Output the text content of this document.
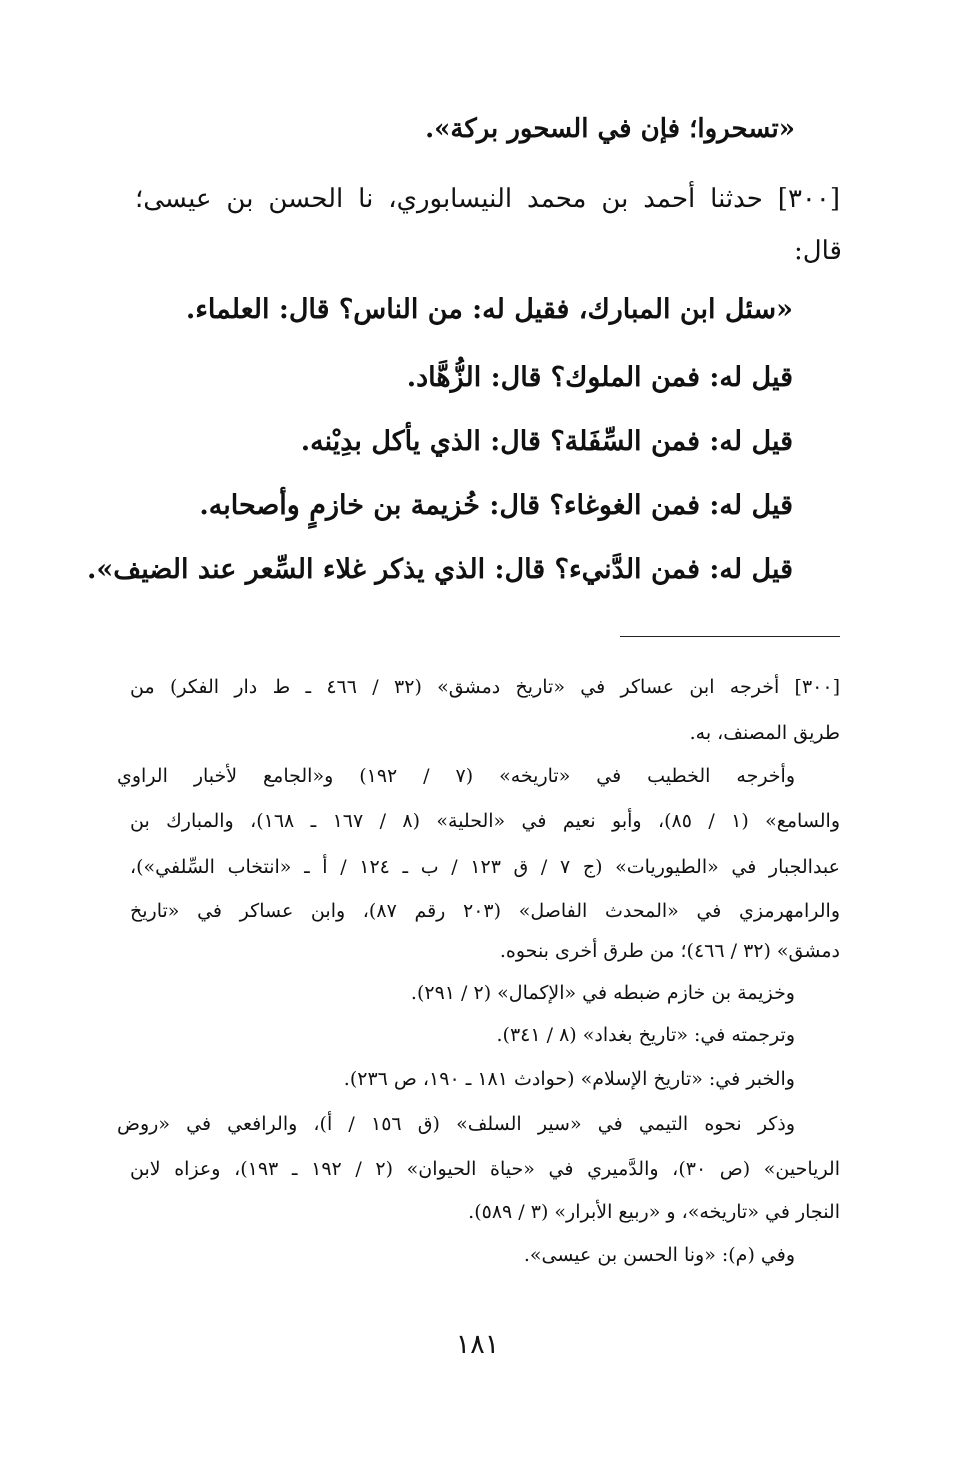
«تسحروا؛ فإن في السحور بركة».
[٣٠٠] حدثنا أحمد بن محمد النيسابوري، نا الحسن بن عيسى؛
قال:
«سئل ابن المبارك، فقيل له: من الناس؟ قال: العلماء.
قيل له: فمن الملوك؟ قال: الزُّهَّاد.
قيل له: فمن السِّفَلة؟ قال: الذي يأكل بدِيْنه.
قيل له: فمن الغوغاء؟ قال: خُزيمة بن خازمٍ وأصحابه.
قيل له: فمن الدَّنيء؟ قال: الذي يذكر غلاء السِّعر عند الضيف».
[٣٠٠] أخرجه ابن عساكر في «تاريخ دمشق» (٣٢ / ٤٦٦ ـ ط دار الفكر) من
طريق المصنف، به.
وأخرجه الخطيب في «تاريخه» (٧ / ١٩٢) و«الجامع لأخبار الراوي
والسامع» (١ / ٨٥)، وأبو نعيم في «الحلية» (٨ / ١٦٧ ـ ١٦٨)، والمبارك بن
عبدالجبار في «الطيوريات» (ج ٧ / ق ١٢٣ / ب ـ ١٢٤ / أ ـ «انتخاب السِّلفي»)،
والرامهرمزي في «المحدث الفاصل» (٢٠٣ رقم ٨٧)، وابن عساكر في «تاريخ
دمشق» (٣٢ / ٤٦٦)؛ من طرق أخرى بنحوه.
وخزيمة بن خازم ضبطه في «الإكمال» (٢ / ٢٩١).
وترجمته في: «تاريخ بغداد» (٨ / ٣٤١).
والخبر في: «تاريخ الإسلام» (حوادث ١٨١ ـ ١٩٠، ص ٢٣٦).
وذكر نحوه التيمي في «سير السلف» (ق ١٥٦ / أ)، والرافعي في «روض
الرياحين» (ص ٣٠)، والدَّميري في «حياة الحيوان» (٢ / ١٩٢ ـ ١٩٣)، وعزاه لابن
النجار في «تاريخه»، و «ربيع الأبرار» (٣ / ٥٨٩).
وفي (م): «ونا الحسن بن عيسى».
١٨١
